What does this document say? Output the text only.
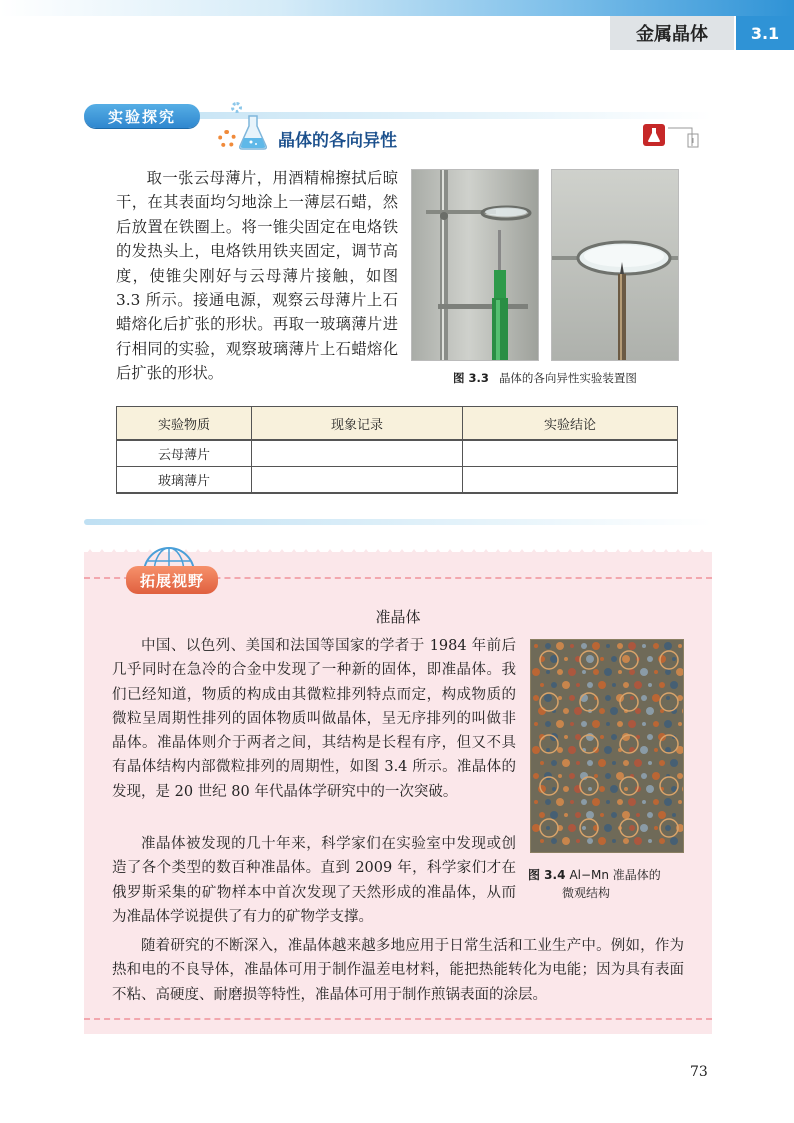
金属晶体	3.1
实验探究
晶体的各向异性

取一张云母薄片，用酒精棉擦拭后晾干，在其表面均匀地涂上一薄层石蜡，然后放置在铁圈上。将一锥尖固定在电烙铁的发热头上，电烙铁用铁夹固定，调节高度，使锥尖刚好与云母薄片接触，如图 3.3 所示。接通电源，观察云母薄片上石蜡熔化后扩张的形状。再取一玻璃薄片进行相同的实验，观察玻璃薄片上石蜡熔化后扩张的形状。	图 3.3 晶体的各向异性实验装置图
实验物质	现象记录	实验结论
云母薄片		
玻璃薄片		
拓展视野
准晶体

中国、以色列、美国和法国等国家的学者于 1984 年前后几乎同时在急冷的合金中发现了一种新的固体，即准晶体。我们已经知道，物质的构成由其微粒排列特点而定，构成物质的微粒呈周期性排列的固体物质叫做晶体，呈无序排列的叫做非晶体。准晶体则介于两者之间，其结构是长程有序，但又不具有晶体结构内部微粒排列的周期性，如图 3.4 所示。准晶体的发现，是 20 世纪 80 年代晶体学研究中的一次突破。

准晶体被发现的几十年来，科学家们在实验室中发现或创造了各个类型的数百种准晶体。直到 2009 年，科学家们才在俄罗斯采集的矿物样本中首次发现了天然形成的准晶体，从而为准晶体学说提供了有力的矿物学支撑。

随着研究的不断深入，准晶体越来越多地应用于日常生活和工业生产中。例如，作为热和电的不良导体，准晶体可用于制作温差电材料，能把热能转化为电能；因为具有表面不粘、高硬度、耐磨损等特性，准晶体可用于制作煎锅表面的涂层。

图 3.4 Al−Mn 准晶体的
微观结构
73
